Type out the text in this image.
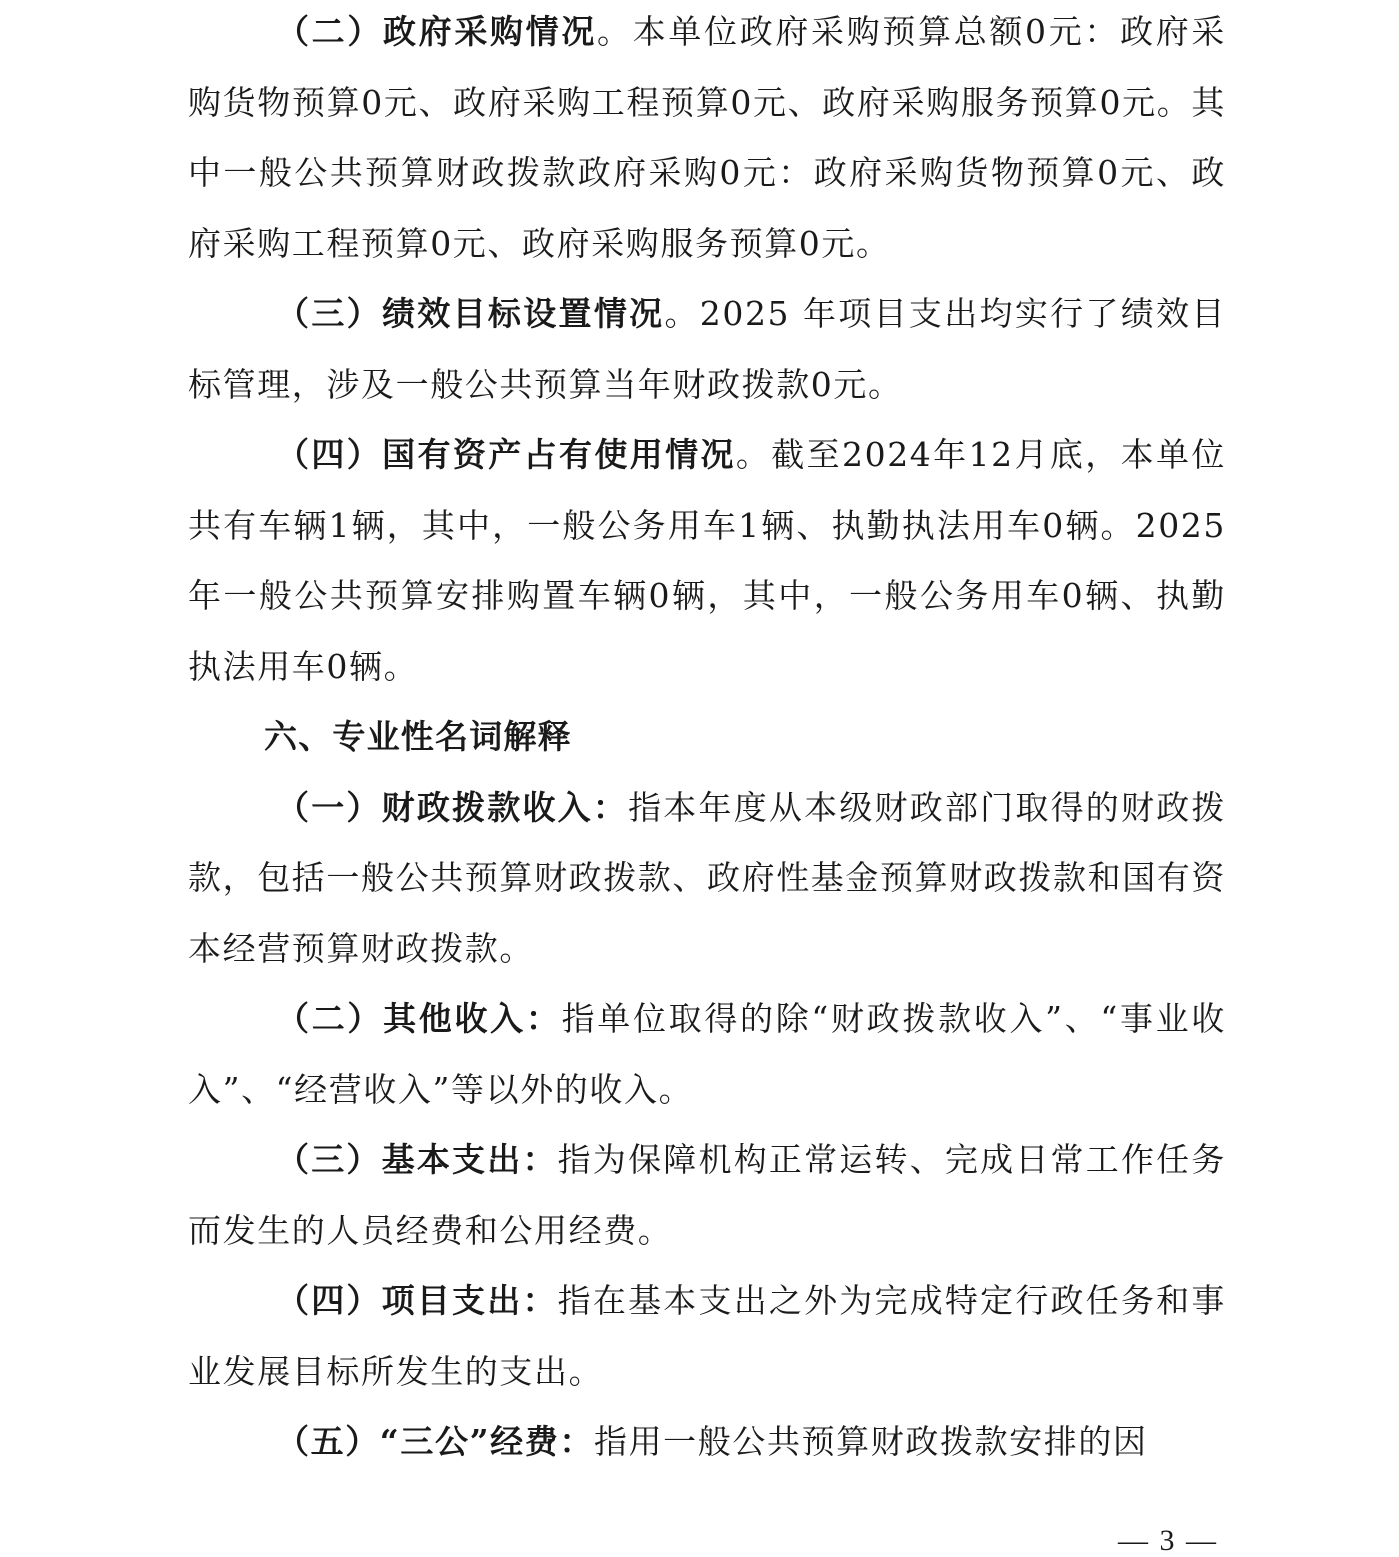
（二）政府采购情况。本单位政府采购预算总额0元：政府采购货物预算0元、政府采购工程预算0元、政府采购服务预算0元。其中一般公共预算财政拨款政府采购0元：政府采购货物预算0元、政府采购工程预算0元、政府采购服务预算0元。

（三）绩效目标设置情况。2025 年项目支出均实行了绩效目标管理，涉及一般公共预算当年财政拨款0元。

（四）国有资产占有使用情况。截至2024年12月底，本单位共有车辆1辆，其中，一般公务用车1辆、执勤执法用车0辆。2025年一般公共预算安排购置车辆0辆，其中，一般公务用车0辆、执勤执法用车0辆。

六、专业性名词解释

（一）财政拨款收入：指本年度从本级财政部门取得的财政拨款，包括一般公共预算财政拨款、政府性基金预算财政拨款和国有资本经营预算财政拨款。

（二）其他收入：指单位取得的除“财政拨款收入”、“事业收入”、“经营收入”等以外的收入。

（三）基本支出：指为保障机构正常运转、完成日常工作任务而发生的人员经费和公用经费。

（四）项目支出：指在基本支出之外为完成特定行政任务和事业发展目标所发生的支出。

（五）“三公”经费：指用一般公共预算财政拨款安排的因

— 3 —
